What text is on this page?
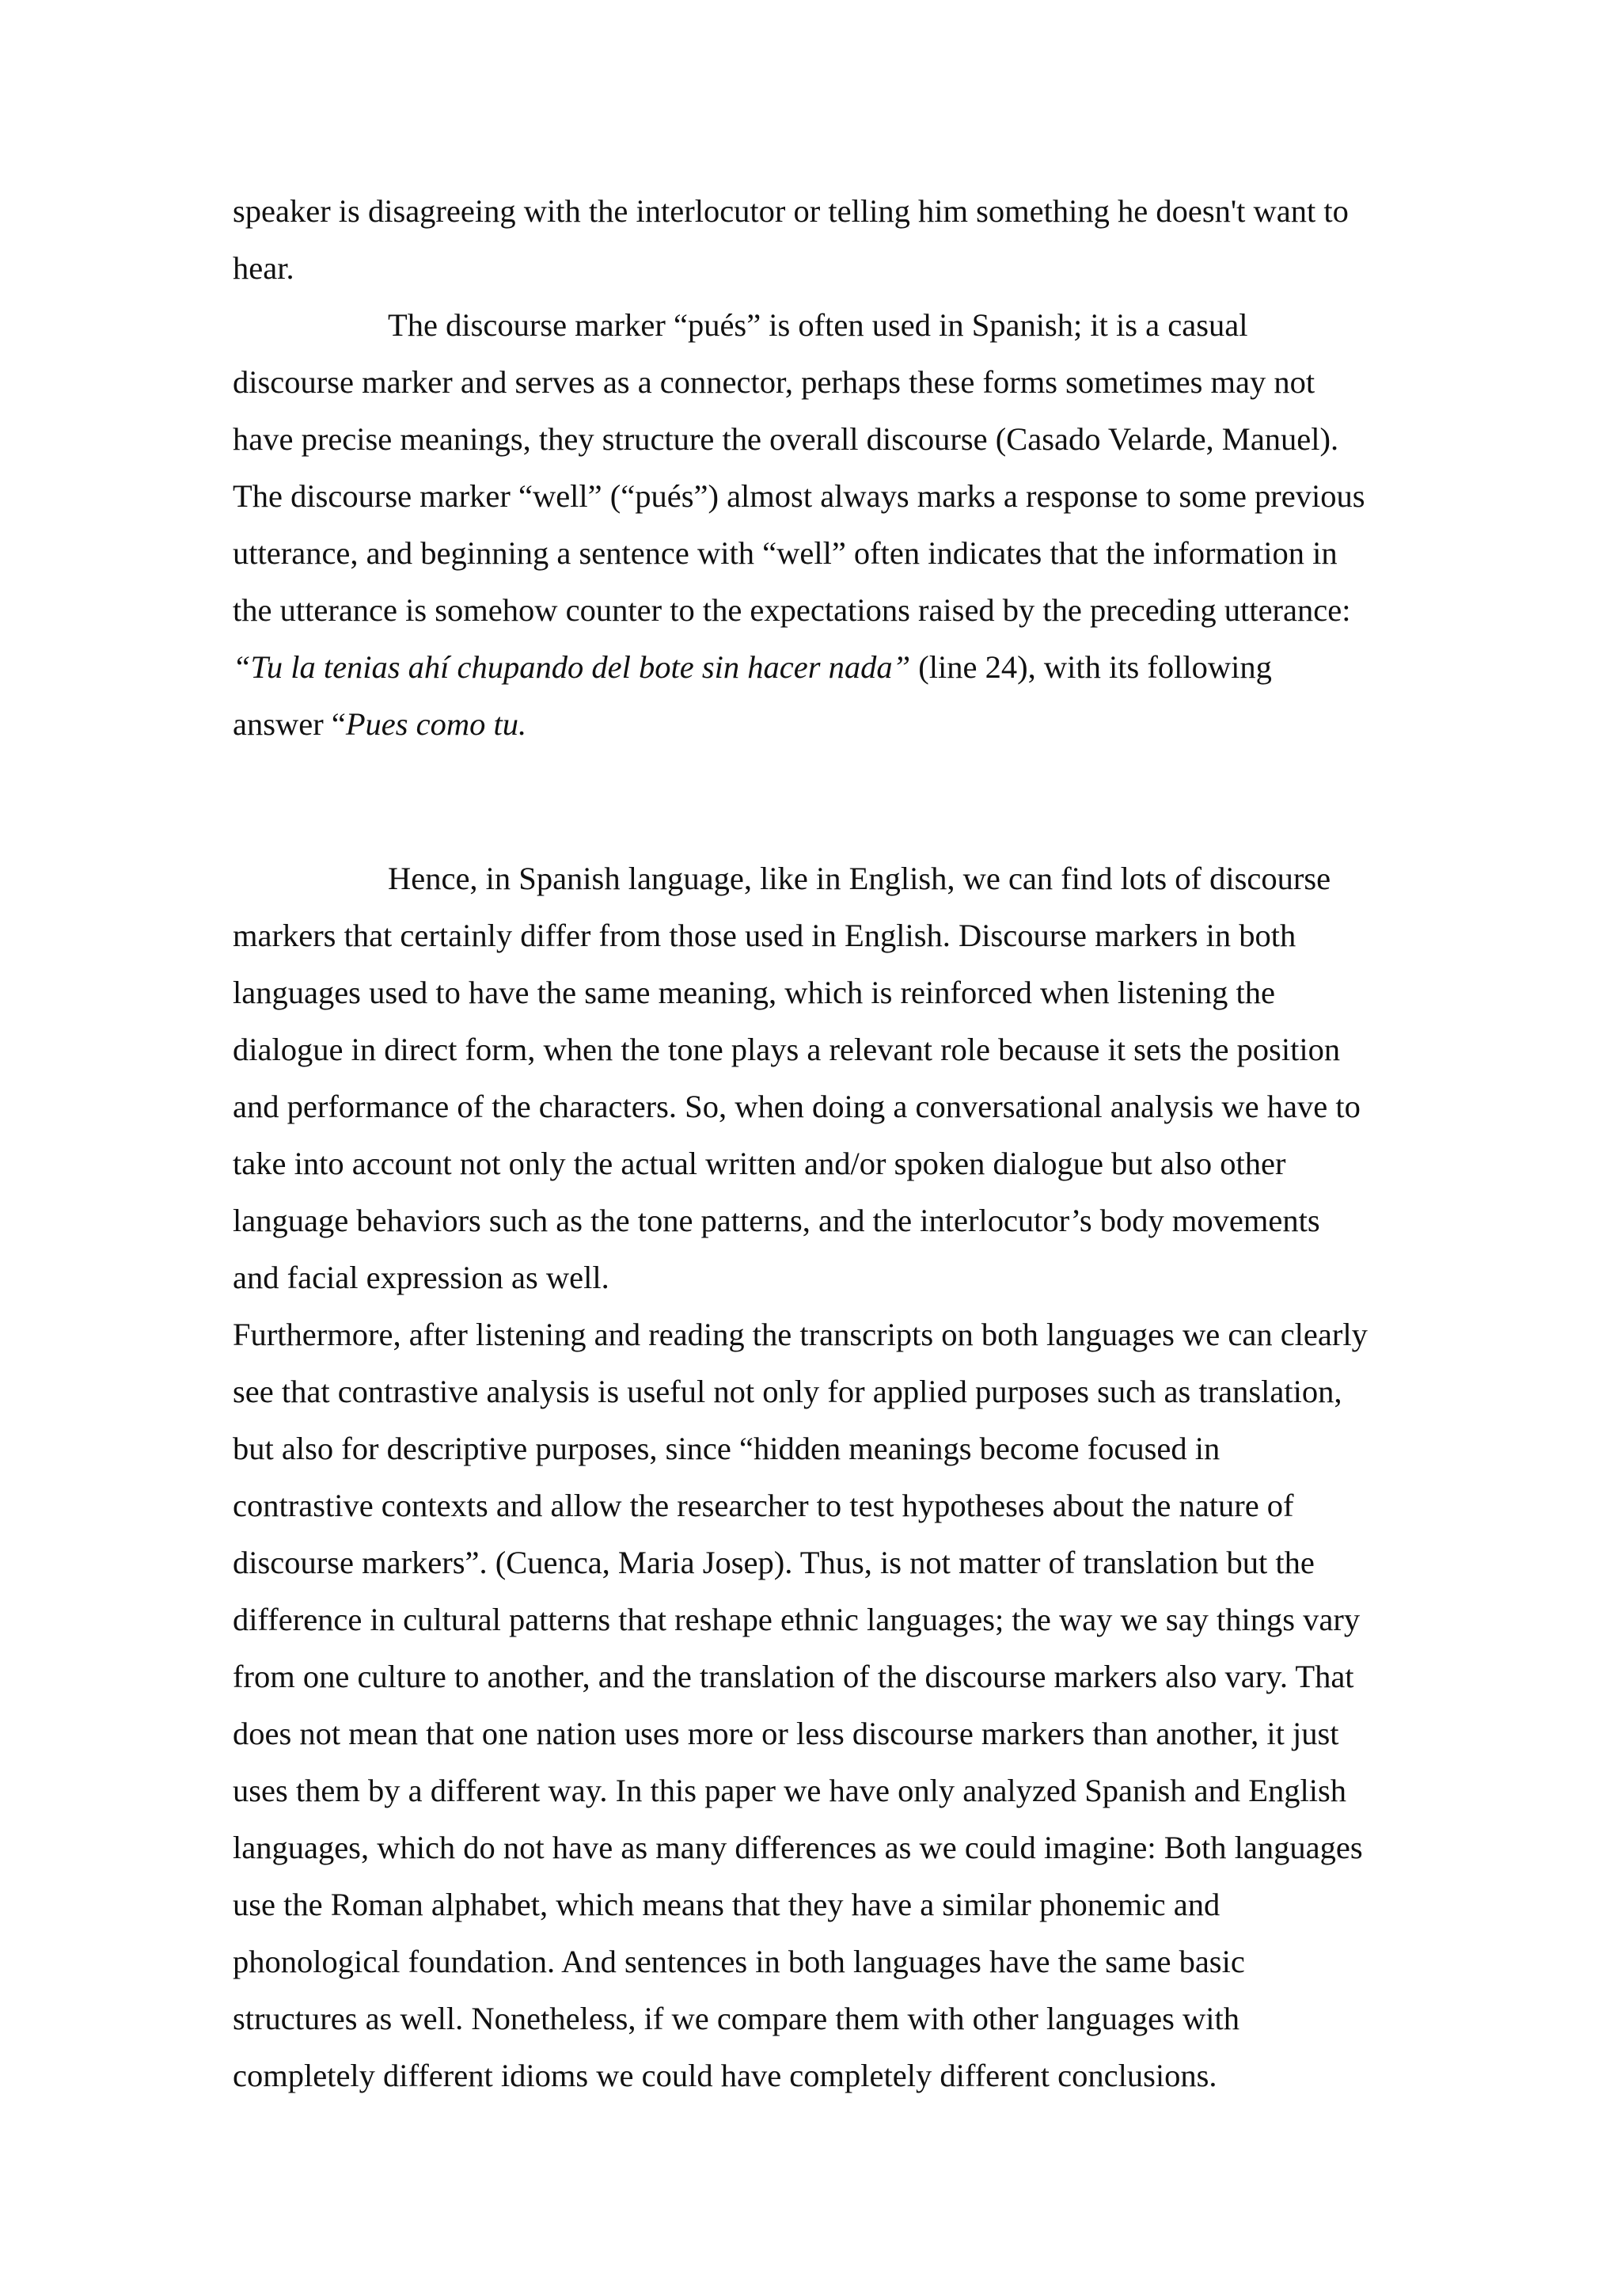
speaker is disagreeing with the interlocutor or telling him something he doesn't want to
hear.
The discourse marker “pués” is often used in Spanish; it is a casual
discourse marker and serves as a connector, perhaps these forms sometimes may not
have precise meanings, they structure the overall discourse (Casado Velarde, Manuel).
The discourse marker “well” (“pués”) almost always marks a response to some previous
utterance, and beginning a sentence with “well” often indicates that the information in
the utterance is somehow counter to the expectations raised by the preceding utterance:
“Tu la tenias ahí chupando del bote sin hacer nada” (line 24), with its following
answer “Pues como tu.
Hence, in Spanish language, like in English, we can find lots of discourse
markers that certainly differ from those used in English. Discourse markers in both
languages used to have the same meaning, which is reinforced when listening the
dialogue in direct form, when the tone plays a relevant role because it sets the position
and performance of the characters. So, when doing a conversational analysis we have to
take into account not only the actual written and/or spoken dialogue but also other
language behaviors such as the tone patterns, and the interlocutor’s body movements
and facial expression as well.
Furthermore, after listening and reading the transcripts on both languages we can clearly
see that contrastive analysis is useful not only for applied purposes such as translation,
but also for descriptive purposes, since “hidden meanings become focused in
contrastive contexts and allow the researcher to test hypotheses about the nature of
discourse markers”. (Cuenca, Maria Josep). Thus, is not matter of translation but the
difference in cultural patterns that reshape ethnic languages; the way we say things vary
from one culture to another, and the translation of the discourse markers also vary. That
does not mean that one nation uses more or less discourse markers than another, it just
uses them by a different way. In this paper we have only analyzed Spanish and English
languages, which do not have as many differences as we could imagine: Both languages
use the Roman alphabet, which means that they have a similar phonemic and
phonological foundation. And sentences in both languages have the same basic
structures as well. Nonetheless, if we compare them with other languages with
completely different idioms we could have completely different conclusions.
